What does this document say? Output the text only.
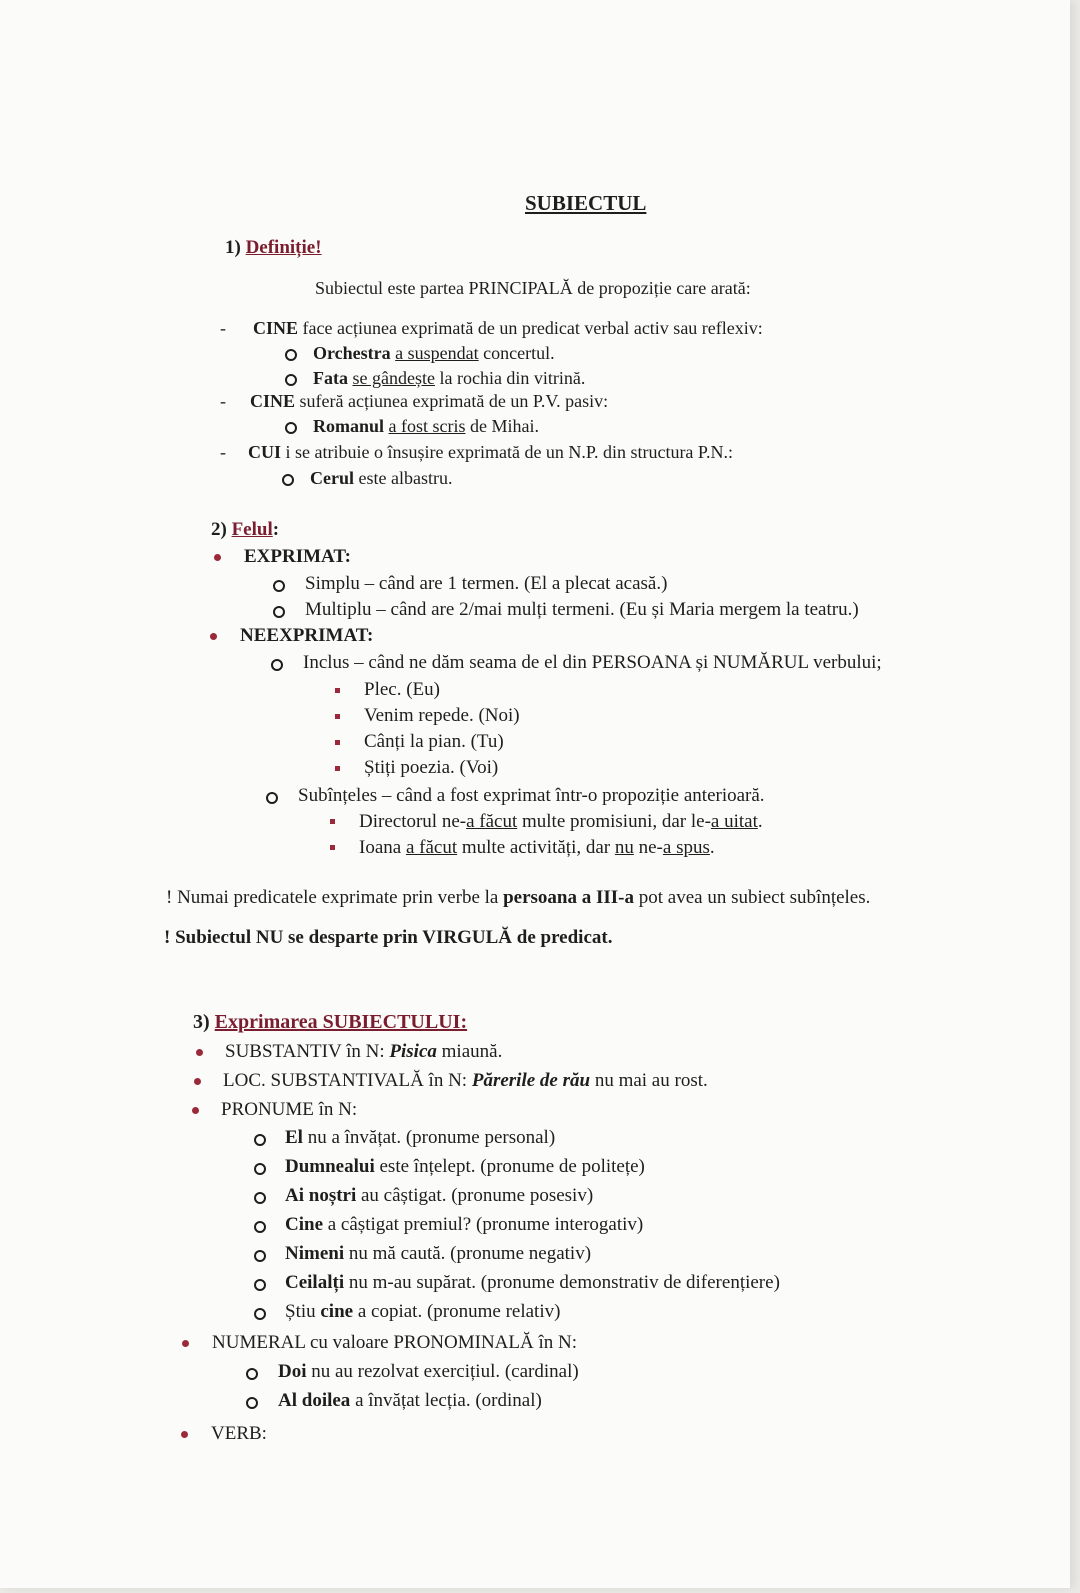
SUBIECTUL
1) Definiție!
Subiectul este partea PRINCIPALĂ de propoziție care arată:
- CINE face acțiunea exprimată de un predicat verbal activ sau reflexiv:
Orchestra a suspendat concertul.
Fata se gândește la rochia din vitrină.
- CINE suferă acțiunea exprimată de un P.V. pasiv:
Romanul a fost scris de Mihai.
- CUI i se atribuie o însușire exprimată de un N.P. din structura P.N.:
Cerul este albastru.
2) Felul:
EXPRIMAT:
Simplu – când are 1 termen. (El a plecat acasă.)
Multiplu – când are 2/mai mulți termeni. (Eu și Maria mergem la teatru.)
NEEXPRIMAT:
Inclus – când ne dăm seama de el din PERSOANA și NUMĂRUL verbului;
Plec. (Eu)
Venim repede. (Noi)
Cânți la pian. (Tu)
Știți poezia. (Voi)
Subînțeles – când a fost exprimat într-o propoziție anterioară.
Directorul ne-a făcut multe promisiuni, dar le-a uitat.
Ioana a făcut multe activități, dar nu ne-a spus.
! Numai predicatele exprimate prin verbe la persoana a III-a pot avea un subiect subînțeles.
! Subiectul NU se desparte prin VIRGULĂ de predicat.
3) Exprimarea SUBIECTULUI:
SUBSTANTIV în N: Pisica miaună.
LOC. SUBSTANTIVALĂ în N: Părerile de rău nu mai au rost.
PRONUME în N:
El nu a învățat. (pronume personal)
Dumnealui este înțelept. (pronume de politețe)
Ai noștri au câștigat. (pronume posesiv)
Cine a câștigat premiul? (pronume interogativ)
Nimeni nu mă caută. (pronume negativ)
Ceilalți nu m-au supărat. (pronume demonstrativ de diferențiere)
Știu cine a copiat. (pronume relativ)
NUMERAL cu valoare PRONOMINALĂ în N:
Doi nu au rezolvat exercițiul. (cardinal)
Al doilea a învățat lecția. (ordinal)
VERB:
